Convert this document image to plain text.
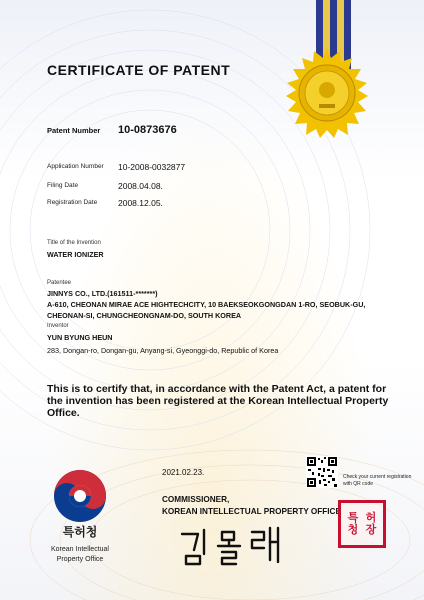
CERTIFICATE OF PATENT
Patent Number 10-0873676
Application Number 10-2008-0032877
Filing Date	2008.04.08.
Registration Date 2008.12.05.
Title of the Invention
WATER IONIZER
Patentee
JINNYS CO., LTD.(161511-*******)
A-610, CHEONAN MIRAE ACE HIGHTECHCITY, 10 BAEKSEOKGONGDAN 1-RO, SEOBUK-GU,
CHEONAN-SI, CHUNGCHEONGNAM-DO, SOUTH KOREA
Inventor
YUN BYUNG HEUN
283, Dongan-ro, Dongan-gu, Anyang-si, Gyeonggi-do, Republic of Korea
This is to certify that, in accordance with the Patent Act, a patent for the invention has been registered at the Korean Intellectual Property Office.
2021.02.23.	Check your current registration with QR code
COMMISSIONER,
KOREAN INTELLECTUAL PROPERTY OFFICE
특허청
Korean Intellectual
Property Office
특 허
청 장
